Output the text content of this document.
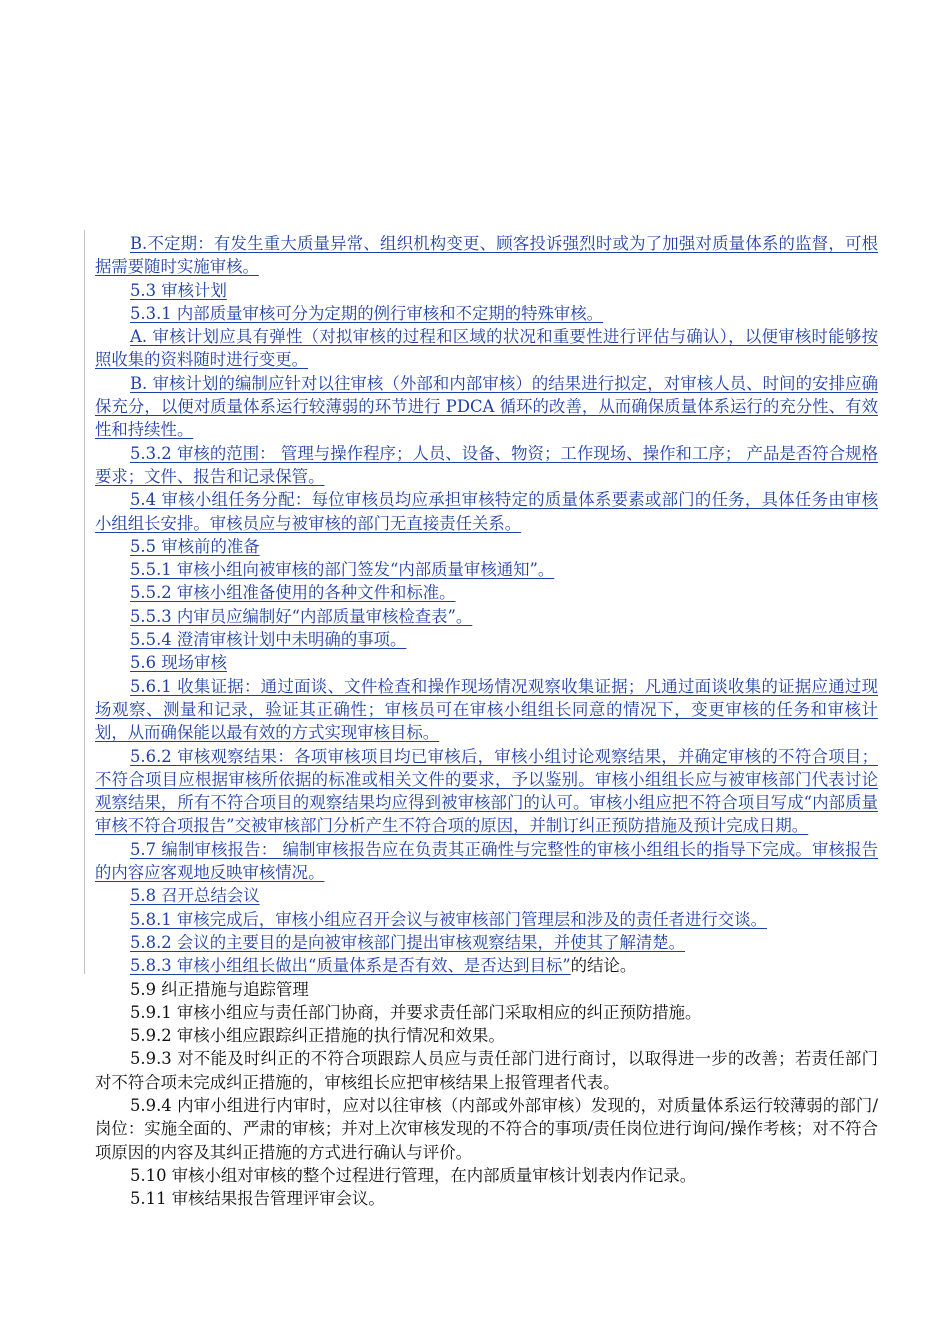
B.不定期：有发生重大质量异常、组织机构变更、顾客投诉强烈时或为了加强对质量体系的监督，可根据需要随时实施审核。

5.3 审核计划

5.3.1 内部质量审核可分为定期的例行审核和不定期的特殊审核。

A. 审核计划应具有弹性（对拟审核的过程和区域的状况和重要性进行评估与确认），以便审核时能够按照收集的资料随时进行变更。

B. 审核计划的编制应针对以往审核（外部和内部审核）的结果进行拟定，对审核人员、时间的安排应确保充分，以便对质量体系运行较薄弱的环节进行 PDCA 循环的改善，从而确保质量体系运行的充分性、有效性和持续性。

5.3.2 审核的范围： 管理与操作程序；人员、设备、物资；工作现场、操作和工序； 产品是否符合规格要求；文件、报告和记录保管。

5.4 审核小组任务分配：每位审核员均应承担审核特定的质量体系要素或部门的任务，具体任务由审核小组组长安排。审核员应与被审核的部门无直接责任关系。

5.5 审核前的准备

5.5.1 审核小组向被审核的部门签发“内部质量审核通知”。

5.5.2 审核小组准备使用的各种文件和标准。

5.5.3 内审员应编制好“内部质量审核检查表”。

5.5.4 澄清审核计划中未明确的事项。

5.6 现场审核

5.6.1 收集证据：通过面谈、文件检查和操作现场情况观察收集证据；凡通过面谈收集的证据应通过现场观察、测量和记录，验证其正确性；审核员可在审核小组组长同意的情况下，变更审核的任务和审核计划，从而确保能以最有效的方式实现审核目标。

5.6.2 审核观察结果：各项审核项目均已审核后，审核小组讨论观察结果，并确定审核的不符合项目；不符合项目应根据审核所依据的标准或相关文件的要求，予以鉴别。审核小组组长应与被审核部门代表讨论观察结果，所有不符合项目的观察结果均应得到被审核部门的认可。审核小组应把不符合项目写成“内部质量审核不符合项报告”交被审核部门分析产生不符合项的原因，并制订纠正预防措施及预计完成日期。

5.7 编制审核报告： 编制审核报告应在负责其正确性与完整性的审核小组组长的指导下完成。审核报告的内容应客观地反映审核情况。

5.8 召开总结会议

5.8.1 审核完成后，审核小组应召开会议与被审核部门管理层和涉及的责任者进行交谈。

5.8.2 会议的主要目的是向被审核部门提出审核观察结果，并使其了解清楚。

5.8.3 审核小组组长做出“质量体系是否有效、是否达到目标”的结论。

5.9 纠正措施与追踪管理

5.9.1 审核小组应与责任部门协商，并要求责任部门采取相应的纠正预防措施。

5.9.2 审核小组应跟踪纠正措施的执行情况和效果。

5.9.3 对不能及时纠正的不符合项跟踪人员应与责任部门进行商讨，以取得进一步的改善；若责任部门对不符合项未完成纠正措施的，审核组长应把审核结果上报管理者代表。

5.9.4 内审小组进行内审时，应对以往审核（内部或外部审核）发现的，对质量体系运行较薄弱的部门/岗位：实施全面的、严肃的审核；并对上次审核发现的不符合的事项/责任岗位进行询问/操作考核；对不符合项原因的内容及其纠正措施的方式进行确认与评价。

5.10 审核小组对审核的整个过程进行管理，在内部质量审核计划表内作记录。

5.11 审核结果报告管理评审会议。
